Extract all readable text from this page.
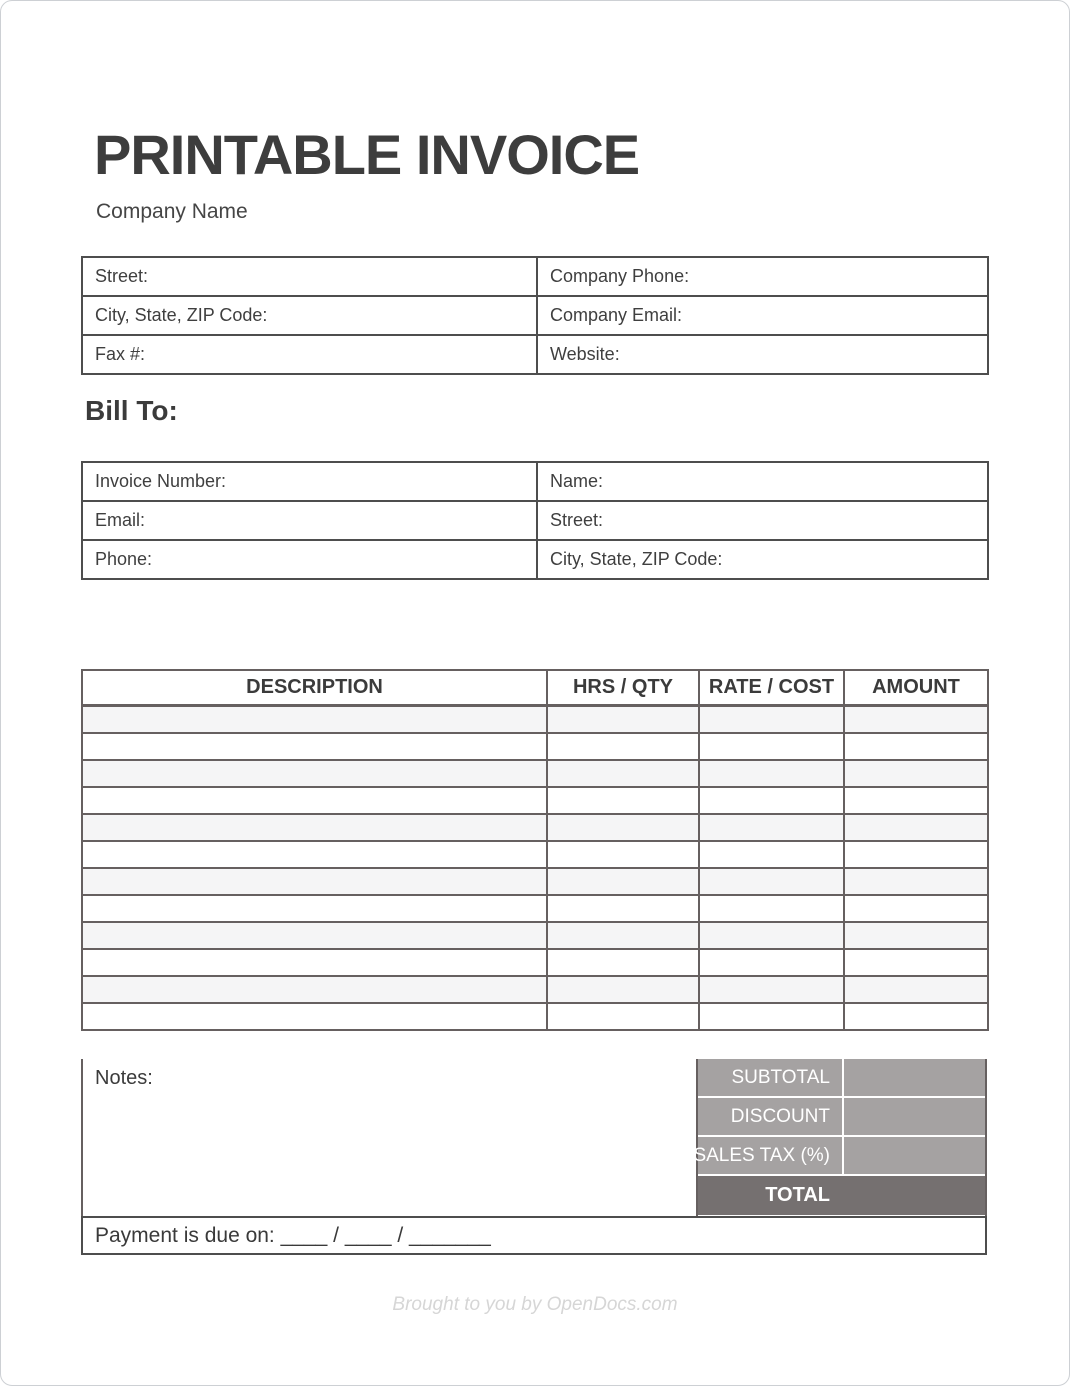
PRINTABLE INVOICE
Company Name
Street:	Company Phone:
City, State, ZIP Code:	Company Email:
Fax #:	Website:
Bill To:
Invoice Number:	Name:
Email:	Street:
Phone:	City, State, ZIP Code:
DESCRIPTION	HRS / QTY	RATE / COST	AMOUNT

Notes:	SUBTOTAL
DISCOUNT
SALES TAX (%)
TOTAL
Payment is due on: ____ / ____ / _______
Brought to you by OpenDocs.com
